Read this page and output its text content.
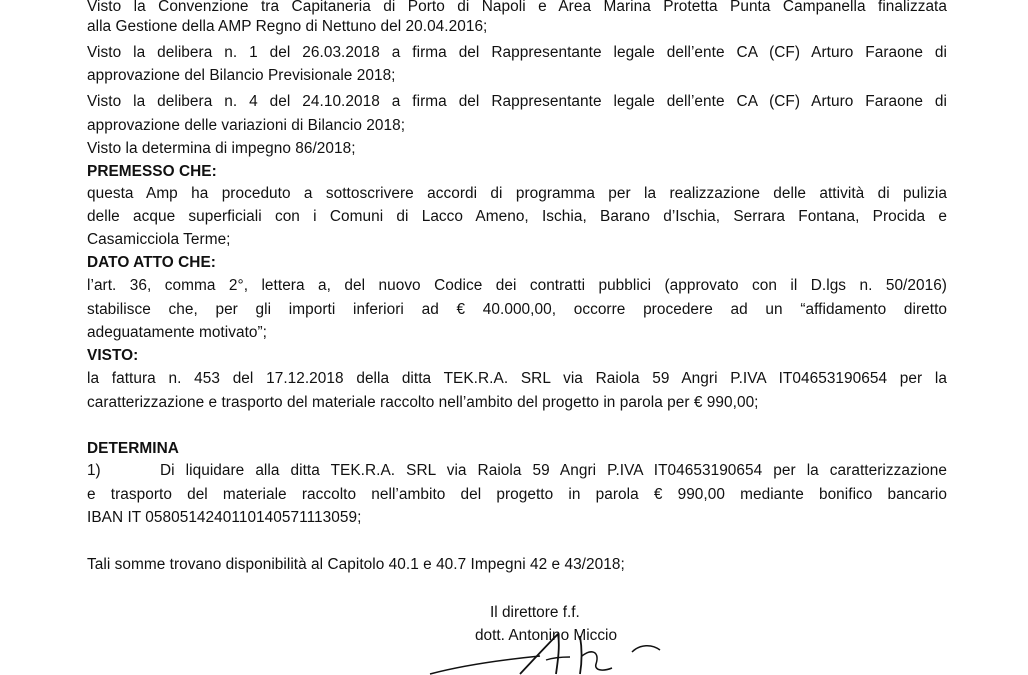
Visto la Convenzione tra Capitaneria di Porto di Napoli e Area Marina Protetta Punta Campanella finalizzata
alla Gestione della AMP Regno di Nettuno del 20.04.2016;
Visto la delibera n. 1 del 26.03.2018 a firma del Rappresentante legale dell’ente CA (CF) Arturo Faraone di
approvazione del Bilancio Previsionale 2018;
Visto la delibera n. 4 del 24.10.2018 a firma del Rappresentante legale dell’ente CA (CF) Arturo Faraone di
approvazione delle variazioni di Bilancio 2018;
Visto la determina di impegno 86/2018;
PREMESSO CHE:
questa Amp ha proceduto a sottoscrivere accordi di programma per la realizzazione delle attività di pulizia
delle acque superficiali con i Comuni di Lacco Ameno, Ischia, Barano d’Ischia, Serrara Fontana, Procida e
Casamicciola Terme;
DATO ATTO CHE:
l’art. 36, comma 2°, lettera a, del nuovo Codice dei contratti pubblici (approvato con il D.lgs n. 50/2016)
stabilisce che, per gli importi inferiori ad € 40.000,00, occorre procedere ad un “affidamento diretto
adeguatamente motivato”;
VISTO:
la fattura n. 453 del 17.12.2018 della ditta TEK.R.A. SRL via Raiola 59 Angri P.IVA IT04653190654 per la
caratterizzazione e trasporto del materiale raccolto nell’ambito del progetto in parola per € 990,00;
DETERMINA
1)	Di liquidare alla ditta TEK.R.A. SRL via Raiola 59 Angri P.IVA IT04653190654 per la caratterizzazione
e trasporto del materiale raccolto nell’ambito del progetto in parola € 990,00 mediante bonifico bancario
IBAN IT 05805142401101405711130​59;
Tali somme trovano disponibilità al Capitolo 40.1 e 40.7 Impegni 42 e 43/2018;
Il direttore f.f.
dott. Antonino Miccio
